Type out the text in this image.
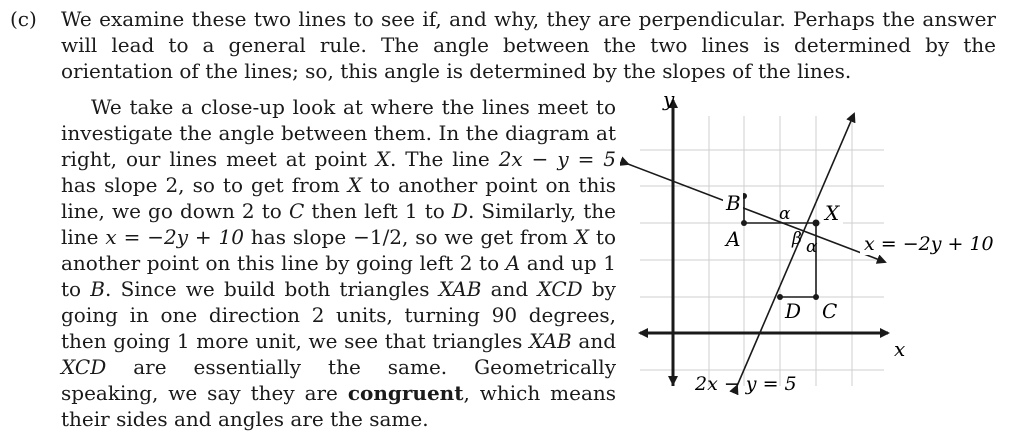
(c) We examine these two lines to see if, and why, they are perpendicular. Perhaps the answer will lead to a general rule. The angle between the two lines is determined by the orientation of the lines; so, this angle is determined by the slopes of the lines.

We take a close-up look at where the lines meet to investigate the angle between them. In the diagram at right, our lines meet at point X. The line 2x − y = 5 has slope 2, so to get from X to another point on this line, we go down 2 to C then left 1 to D. Similarly, the line x = −2y + 10 has slope −1/2, so we get from X to another point on this line by going left 2 to A and up 1 to B. Since we build both triangles XAB and XCD by going in one direction 2 units, turning 90 degrees, then going 1 more unit, we see that triangles XAB and XCD are essentially the same. Geometrically speaking, we say they are congruent, which means their sides and angles are the same.

y
x
B
A
X
D C
α
β α x = −2y + 10
2x − y = 5
